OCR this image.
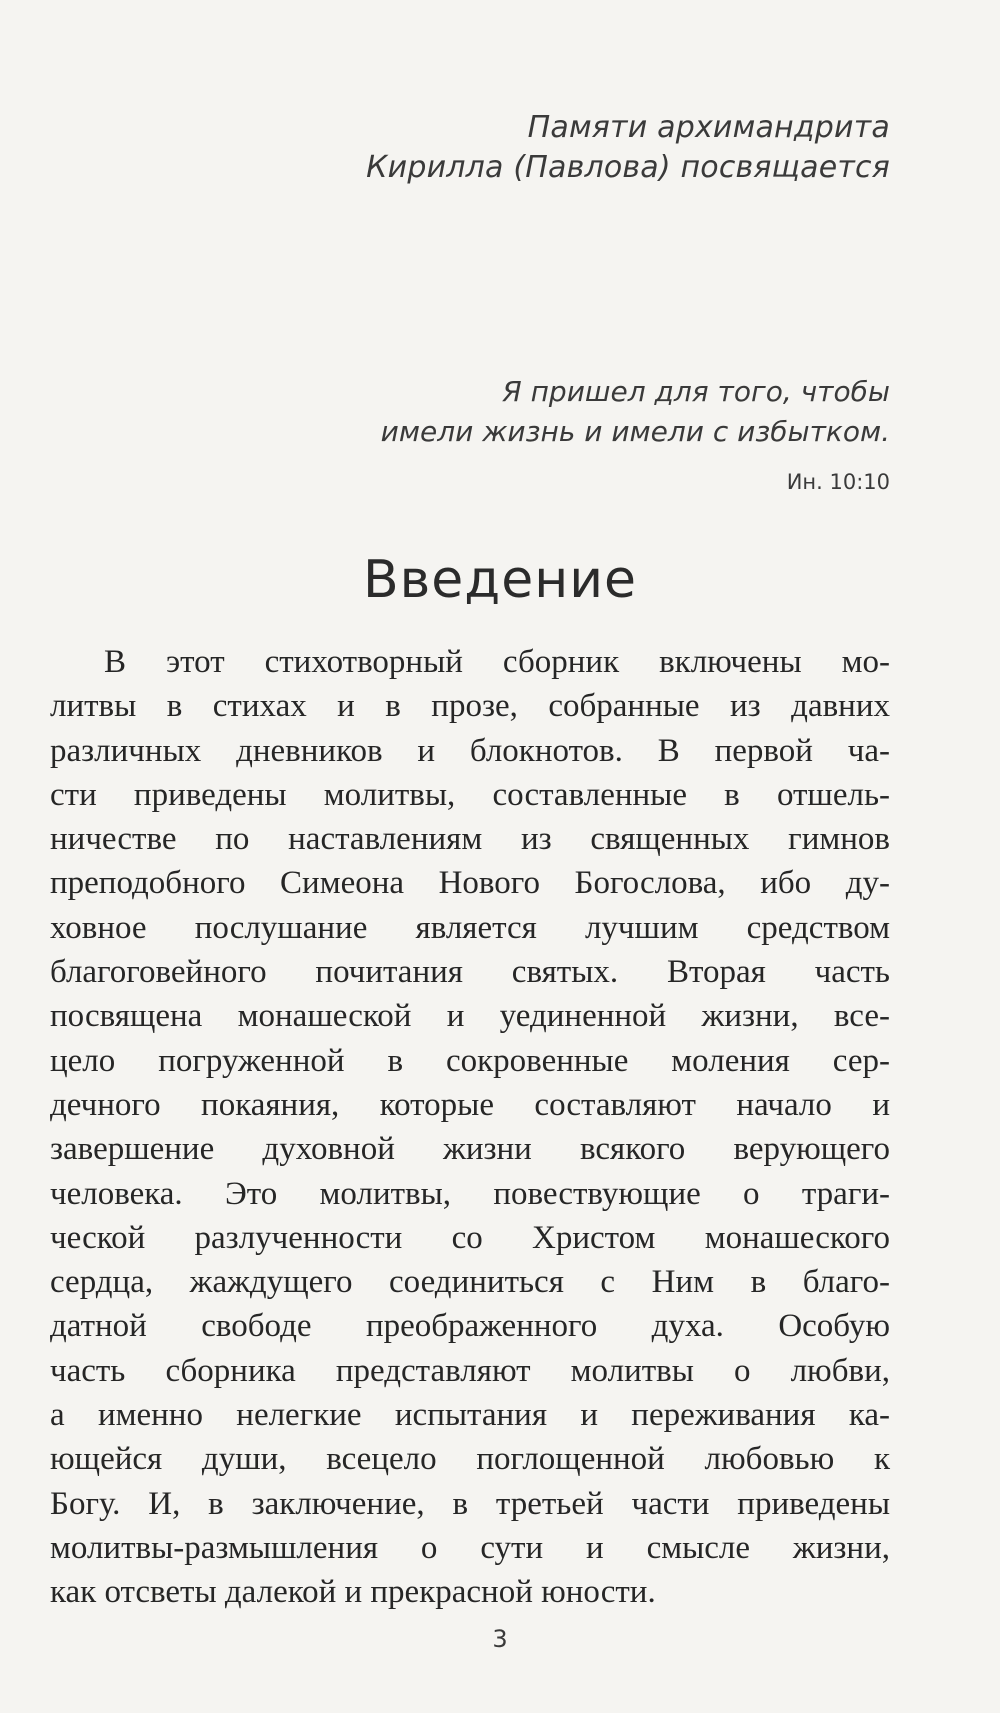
Памяти архимандрита
Кирилла (Павлова) посвящается
Я пришел для того, чтобы
имели жизнь и имели с избытком.
Ин. 10:10
Введение
В этот стихотворный сборник включены мо-
литвы в стихах и в прозе, собранные из давних
различных дневников и блокнотов. В первой ча-
сти приведены молитвы, составленные в отшель-
ничестве по наставлениям из священных гимнов
преподобного Симеона Нового Богослова, ибо ду-
ховное послушание является лучшим средством
благоговейного почитания святых. Вторая часть
посвящена монашеской и уединенной жизни, все-
цело погруженной в сокровенные моления сер-
дечного покаяния, которые составляют начало и
завершение духовной жизни всякого верующего
человека. Это молитвы, повествующие о траги-
ческой разлученности со Христом монашеского
сердца, жаждущего соединиться с Ним в благо-
датной свободе преображенного духа. Особую
часть сборника представляют молитвы о любви,
а именно нелегкие испытания и переживания ка-
ющейся души, всецело поглощенной любовью к
Богу. И, в заключение, в третьей части приведены
молитвы-размышления о сути и смысле жизни,
как отсветы далекой и прекрасной юности.
3
